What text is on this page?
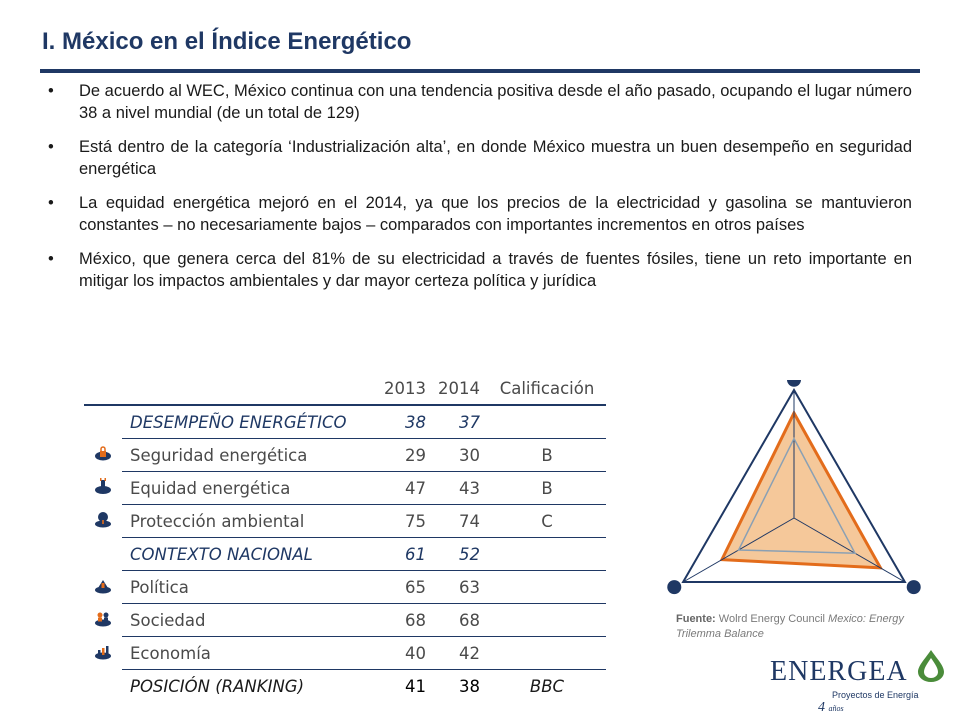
I. México en el Índice Energético
• De acuerdo al WEC, México continua con una tendencia positiva desde el año pasado, ocupando el lugar número 38 a nivel mundial (de un total de 129)
• Está dentro de la categoría ‘Industrialización alta’, en donde México muestra un buen desempeño en seguridad energética
• La equidad energética mejoró en el 2014, ya que los precios de la electricidad y gasolina se mantuvieron constantes – no necesariamente bajos – comparados con importantes incrementos en otros países
• México, que genera cerca del 81% de su electricidad a través de fuentes fósiles, tiene un reto importante en mitigar los impactos ambientales y dar mayor certeza política y jurídica
		2013	2014	Calificación
	DESEMPEÑO ENERGÉTICO	38	37	
	Seguridad energética	29	30	B
	Equidad energética	47	43	B
	Protección ambiental	75	74	C
	CONTEXTO NACIONAL	61	52	
	Política	65	63	
	Sociedad	68	68	
	Economía	40	42	
	POSICIÓN (RANKING)	41	38	BBC
Fuente: Wolrd Energy Council Mexico: Energy Trilemma Balance
ENERGEA
Proyectos de Energía
4 años
